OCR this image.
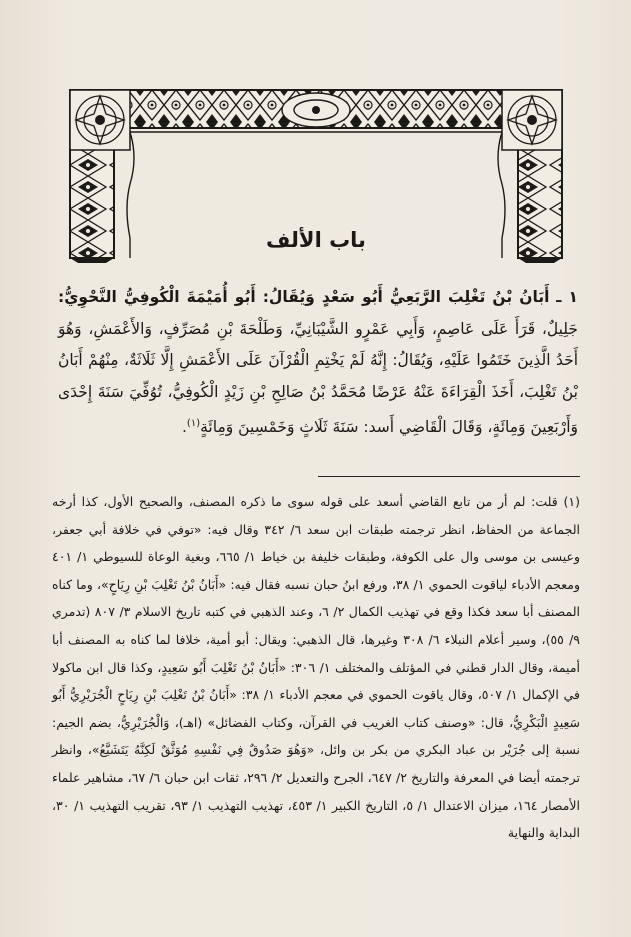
باب الألف
١ ـ أَبَانُ بْنُ تَغْلِبَ الرَّبَعِيُّ أَبُو سَعْدٍ وَيُقَالُ: أَبُو أُمَيْمَةَ الْكُوفِيُّ النَّحْوِيُّ: جَلِيلٌ، قَرَأَ عَلَى عَاصِمٍ، وَأَبِي عَمْرٍو الشَّيْبَانِيِّ، وَطَلْحَةَ بْنِ مُصَرِّفٍ، وَالأَعْمَشِ، وَهُوَ أَحَدُ الَّذِينَ خَتَمُوا عَلَيْهِ، وَيُقَالُ: إِنَّهُ لَمْ يَخْتِمِ الْقُرْآنَ عَلَى الأَعْمَشِ إِلَّا ثَلَاثَةٌ، مِنْهُمْ أَبَانُ بْنُ تَغْلِبَ، أَخَذَ الْقِرَاءَةَ عَنْهُ عَرْضًا مُحَمَّدُ بْنُ صَالِحِ بْنِ زَيْدٍ الْكُوفِيُّ، تُوُفِّيَ سَنَةَ إِحْدَى وَأَرْبَعِينَ وَمِائَةٍ، وَقَالَ الْقَاضِي أَسد: سَنَةَ ثَلَاثٍ وَخَمْسِينَ وَمِائَةٍ$^{(١)}$.
(١) قلت: لم أر من تابع القاضي أسعد على قوله سوى ما ذكره المصنف، والصحيح الأول، كذا أرخه الجماعة من الحفاظ، انظر ترجمته طبقات ابن سعد ٦/ ٣٤٢ وقال فيه: «توفي في خلافة أبي جعفر، وعيسى بن موسى وال على الكوفة، وطبقات خليفة بن خياط ١/ ٦٦٥، وبغية الوعاة للسيوطي ١/ ٤٠١ ومعجم الأدباء لياقوت الحموي ١/ ٣٨، ورفع ابنُ حبان نسبه فقال فيه: «أَبَانُ بْنُ تَغْلِبَ بْنِ رِيَاحٍ»، وما كناه المصنف أبا سعد فكذا وقع في تهذيب الكمال ٢/ ٦، وعند الذهبي في كتبه تاريخ الاسلام ٣/ ٨٠٧ (تدمري ٩/ ٥٥)، وسير أعلام النبلاء ٦/ ٣٠٨ وغيرها، قال الذهبي: ويقال: أبو أمية، خلافا لما كناه به المصنف أبا أميمة، وقال الدار قطني في المؤتلف والمختلف ١/ ٣٠٦: «أَبَانُ بْنُ تَغْلِبَ أَبُو سَعِيدٍ، وكذا قال ابن ماكولا في الإكمال ١/ ٥٠٧، وقال ياقوت الحموي في معجم الأدباء ١/ ٣٨: «أَبَانُ بْنُ تَغْلِبَ بْنِ رِيَاحٍ الْجُرَيْرِيُّ أَبُو سَعِيدٍ الْبَكْرِيُّ، قال: «وصنف كتاب الغريب في القرآن، وكتاب الفضائل» (اهـ)، وَالْجُرَيْرِيُّ، بضم الجيم: نسبة إلى جُرَيْر بن عباد البكري من بكر بن وائل، «وَهُوَ صَدُوقٌ فِي نَفْسِهِ مُوَثَّقٌ لَكِنَّهُ يَتَشَيَّعُ»، وانظر ترجمته أيضا في المعرفة والتاريخ ٢/ ٦٤٧، الجرح والتعديل ٢/ ٢٩٦، ثقات ابن حبان ٦/ ٦٧، مشاهير علماء الأمصار ١٦٤، ميزان الاعتدال ١/ ٥، التاريخ الكبير ١/ ٤٥٣، تهذيب التهذيب ١/ ٩٣، تقريب التهذيب ١/ ٣٠، البداية والنهاية
